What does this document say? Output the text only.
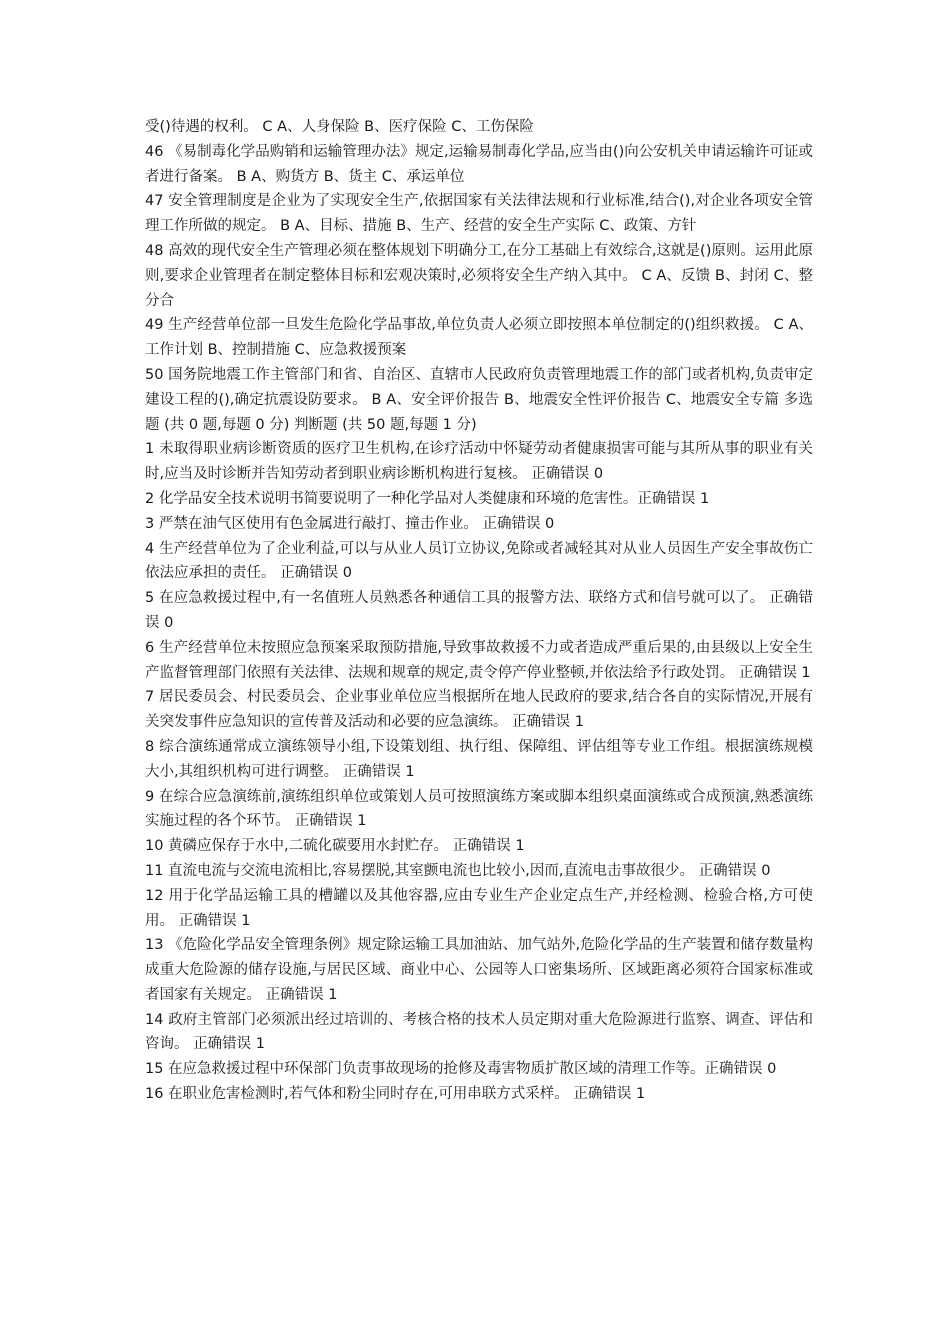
受()待遇的权利。 C A、人身保险 B、医疗保险 C、工伤保险

46 《易制毒化学品购销和运输管理办法》规定,运输易制毒化学品,应当由()向公安机关申请运输许可证或者进行备案。 B A、购货方 B、货主 C、承运单位

47 安全管理制度是企业为了实现安全生产,依据国家有关法律法规和行业标准,结合(),对企业各项安全管理工作所做的规定。 B A、目标、措施 B、生产、经营的安全生产实际 C、政策、方针

48 高效的现代安全生产管理必须在整体规划下明确分工,在分工基础上有效综合,这就是()原则。运用此原则,要求企业管理者在制定整体目标和宏观决策时,必须将安全生产纳入其中。 C A、反馈 B、封闭 C、整分合

49 生产经营单位部一旦发生危险化学品事故,单位负责人必须立即按照本单位制定的()组织救援。 C A、工作计划 B、控制措施 C、应急救援预案

50 国务院地震工作主管部门和省、自治区、直辖市人民政府负责管理地震工作的部门或者机构,负责审定建设工程的(),确定抗震设防要求。 B A、安全评价报告 B、地震安全性评价报告 C、地震安全专篇 多选题 (共 0 题,每题 0 分) 判断题 (共 50 题,每题 1 分)

1 未取得职业病诊断资质的医疗卫生机构,在诊疗活动中怀疑劳动者健康损害可能与其所从事的职业有关时,应当及时诊断并告知劳动者到职业病诊断机构进行复核。 正确错误 0

2 化学品安全技术说明书简要说明了一种化学品对人类健康和环境的危害性。正确错误 1

3 严禁在油气区使用有色金属进行敲打、撞击作业。 正确错误 0

4 生产经营单位为了企业利益,可以与从业人员订立协议,免除或者减轻其对从业人员因生产安全事故伤亡依法应承担的责任。 正确错误 0

5 在应急救援过程中,有一名值班人员熟悉各种通信工具的报警方法、联络方式和信号就可以了。 正确错误 0

6 生产经营单位未按照应急预案采取预防措施,导致事故救援不力或者造成严重后果的,由县级以上安全生产监督管理部门依照有关法律、法规和规章的规定,责令停产停业整顿,并依法给予行政处罚。 正确错误 1

7 居民委员会、村民委员会、企业事业单位应当根据所在地人民政府的要求,结合各自的实际情况,开展有关突发事件应急知识的宣传普及活动和必要的应急演练。 正确错误 1

8 综合演练通常成立演练领导小组,下设策划组、执行组、保障组、评估组等专业工作组。根据演练规模大小,其组织机构可进行调整。 正确错误 1

9 在综合应急演练前,演练组织单位或策划人员可按照演练方案或脚本组织桌面演练或合成预演,熟悉演练实施过程的各个环节。 正确错误 1

10 黄磷应保存于水中,二硫化碳要用水封贮存。 正确错误 1

11 直流电流与交流电流相比,容易摆脱,其室颤电流也比较小,因而,直流电击事故很少。 正确错误 0

12 用于化学品运输工具的槽罐以及其他容器,应由专业生产企业定点生产,并经检测、检验合格,方可使用。 正确错误 1

13 《危险化学品安全管理条例》规定除运输工具加油站、加气站外,危险化学品的生产装置和储存数量构成重大危险源的储存设施,与居民区域、商业中心、公园等人口密集场所、区域距离必须符合国家标准或者国家有关规定。 正确错误 1

14 政府主管部门必须派出经过培训的、考核合格的技术人员定期对重大危险源进行监察、调查、评估和咨询。 正确错误 1

15 在应急救援过程中环保部门负责事故现场的抢修及毒害物质扩散区域的清理工作等。正确错误 0

16 在职业危害检测时,若气体和粉尘同时存在,可用串联方式采样。 正确错误 1
